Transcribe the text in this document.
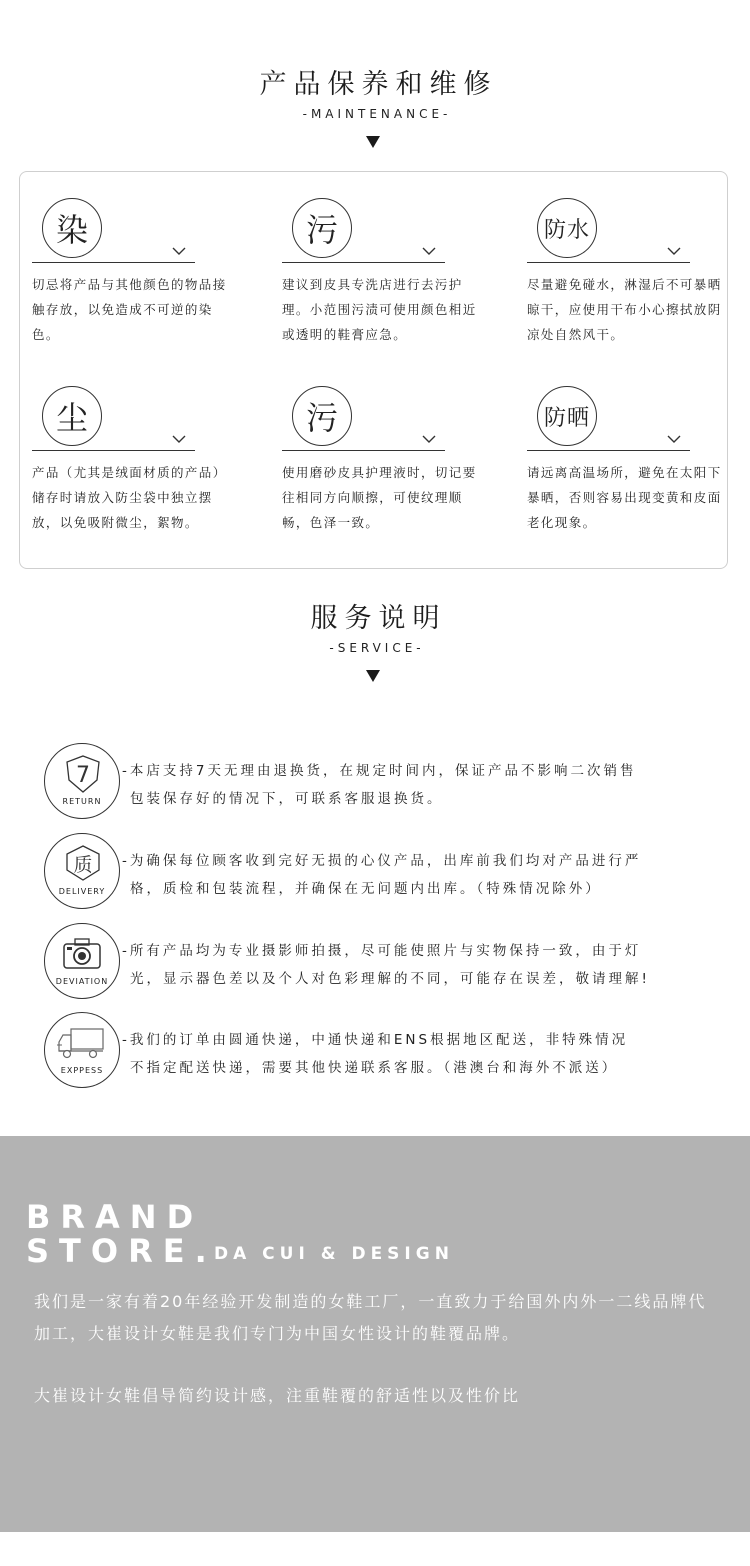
产品保养和维修
-MAINTENANCE-
染
切忌将产品与其他颜色的物品接触存放，以免造成不可逆的染色。
污
建议到皮具专洗店进行去污护理。小范围污渍可使用颜色相近或透明的鞋膏应急。
防水
尽量避免碰水，淋湿后不可暴晒晾干，应使用干布小心擦拭放阴凉处自然风干。
尘
产品（尤其是绒面材质的产品）储存时请放入防尘袋中独立摆放，以免吸附微尘，絮物。
污
使用磨砂皮具护理液时，切记要往相同方向顺擦，可使纹理顺畅，色泽一致。
防晒
请远离高温场所，避免在太阳下暴晒，否则容易出现变黄和皮面老化现象。
服务说明
-SERVICE-
7
RETURN
-本店支持7天无理由退换货，在规定时间内，保证产品不影响二次销售
包装保存好的情况下，可联系客服退换货。
质
DELIVERY
-为确保每位顾客收到完好无损的心仪产品，出库前我们均对产品进行严
格，质检和包装流程，并确保在无问题内出库。（特殊情况除外）
DEVIATION
-所有产品均为专业摄影师拍摄，尽可能使照片与实物保持一致，由于灯
光，显示器色差以及个人对色彩理解的不同，可能存在误差，敬请理解!
EXPPESS
-我们的订单由圆通快递，中通快递和ENS根据地区配送，非特殊情况
不指定配送快递，需要其他快递联系客服。（港澳台和海外不派送）
BRAND
STORE.
DA CUI & DESIGN
我们是一家有着20年经验开发制造的女鞋工厂，一直致力于给国外内外一二线品牌代
加工，大崔设计女鞋是我们专门为中国女性设计的鞋覆品牌。
大崔设计女鞋倡导简约设计感，注重鞋覆的舒适性以及性价比
